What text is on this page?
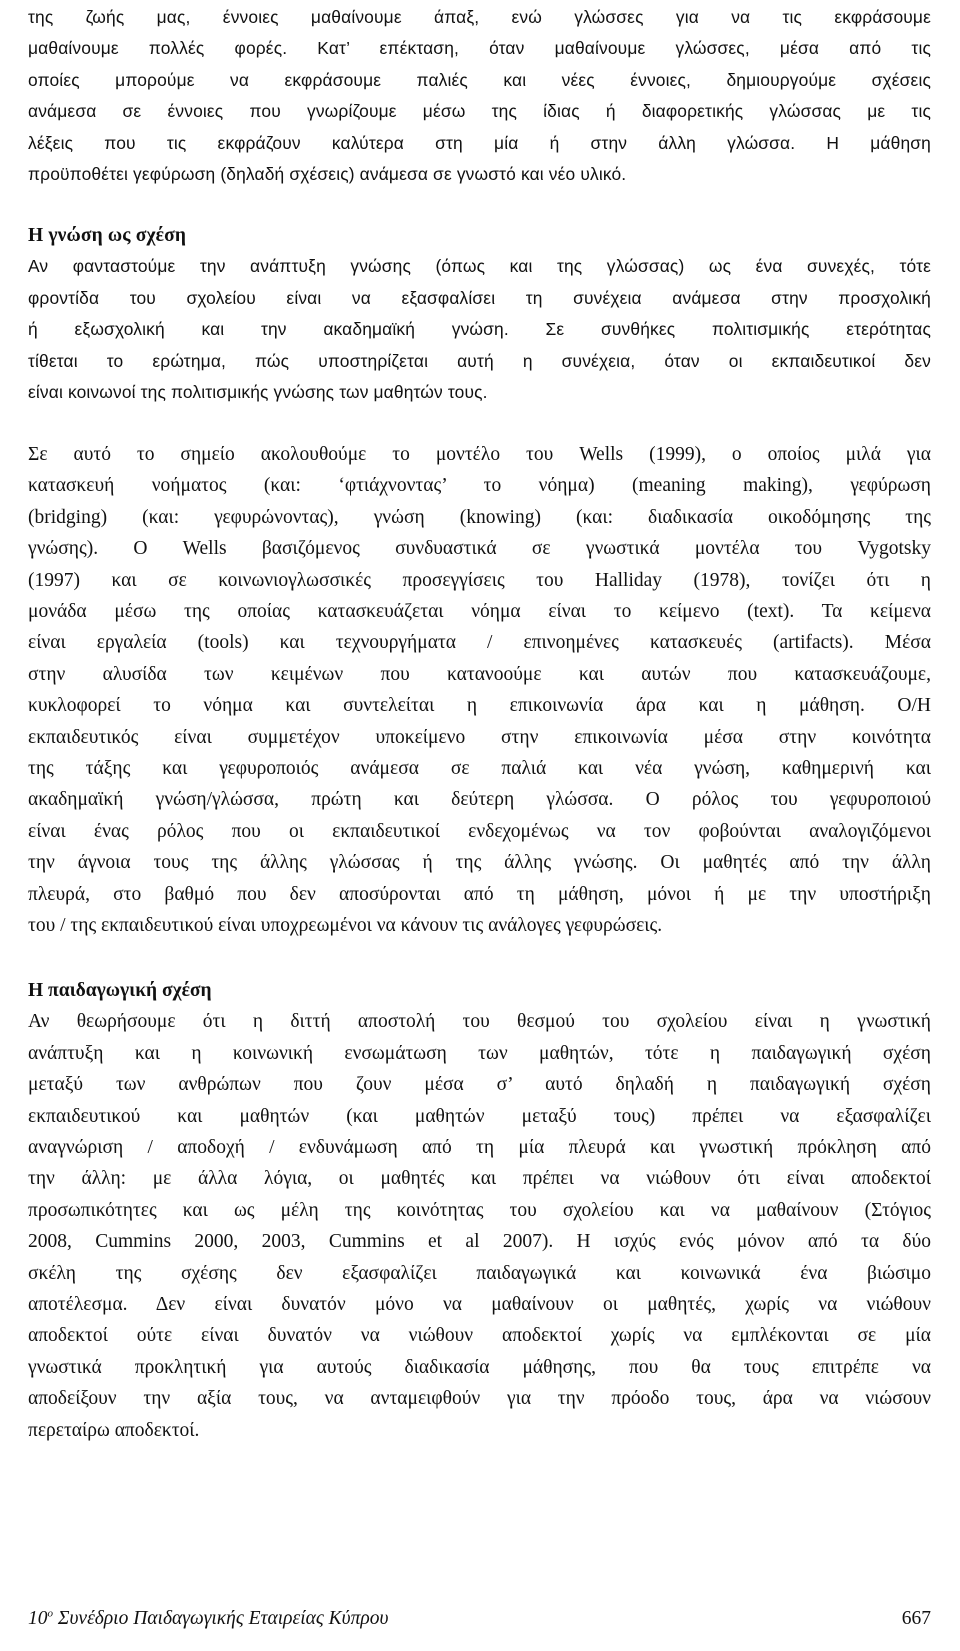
της ζωής μας, έννοιες μαθαίνουμε άπαξ, ενώ γλώσσες για να τις εκφράσουμε
μαθαίνουμε πολλές φορές. Κατ’ επέκταση, όταν μαθαίνουμε γλώσσες, μέσα από τις
οποίες μπορούμε να εκφράσουμε παλιές και νέες έννοιες, δημιουργούμε σχέσεις
ανάμεσα σε έννοιες που γνωρίζουμε μέσω της ίδιας ή διαφορετικής γλώσσας με τις
λέξεις που τις εκφράζουν καλύτερα στη μία ή στην άλλη γλώσσα. Η μάθηση
προϋποθέτει γεφύρωση (δηλαδή σχέσεις) ανάμεσα σε γνωστό και νέο υλικό.
Η γνώση ως σχέση
Αν φανταστούμε την ανάπτυξη γνώσης (όπως και της γλώσσας) ως ένα συνεχές, τότε
φροντίδα του σχολείου είναι να εξασφαλίσει τη συνέχεια ανάμεσα στην προσχολική
ή εξωσχολική και την ακαδημαϊκή γνώση. Σε συνθήκες πολιτισμικής ετερότητας
τίθεται το ερώτημα, πώς υποστηρίζεται αυτή η συνέχεια, όταν οι εκπαιδευτικοί δεν
είναι κοινωνοί της πολιτισμικής γνώσης των μαθητών τους.
Σε αυτό το σημείο ακολουθούμε το μοντέλο του Wells (1999), ο οποίος μιλά για
κατασκευή νοήματος (και: ‘φτιάχνοντας’ το νόημα) (meaning making), γεφύρωση
(bridging) (και: γεφυρώνοντας), γνώση (knowing) (και: διαδικασία οικοδόμησης της
γνώσης). Ο Wells βασιζόμενος συνδυαστικά σε γνωστικά μοντέλα του Vygotsky
(1997) και σε κοινωνιογλωσσικές προσεγγίσεις του Halliday (1978), τονίζει ότι η
μονάδα μέσω της οποίας κατασκευάζεται νόημα είναι το κείμενο (text). Τα κείμενα
είναι εργαλεία (tools) και τεχνουργήματα / επινοημένες κατασκευές (artifacts). Μέσα
στην αλυσίδα των κειμένων που κατανοούμε και αυτών που κατασκευάζουμε,
κυκλοφορεί το νόημα και συντελείται η επικοινωνία άρα και η μάθηση. Ο/Η
εκπαιδευτικός είναι συμμετέχον υποκείμενο στην επικοινωνία μέσα στην κοινότητα
της τάξης και γεφυροποιός ανάμεσα σε παλιά και νέα γνώση, καθημερινή και
ακαδημαϊκή γνώση/γλώσσα, πρώτη και δεύτερη γλώσσα. Ο ρόλος του γεφυροποιού
είναι ένας ρόλος που οι εκπαιδευτικοί ενδεχομένως να τον φοβούνται αναλογιζόμενοι
την άγνοια τους της άλλης γλώσσας ή της άλλης γνώσης. Οι μαθητές από την άλλη
πλευρά, στο βαθμό που δεν αποσύρονται από τη μάθηση, μόνοι ή με την υποστήριξη
του / της εκπαιδευτικού είναι υποχρεωμένοι να κάνουν τις ανάλογες γεφυρώσεις.
Η παιδαγωγική σχέση
Αν θεωρήσουμε ότι η διττή αποστολή του θεσμού του σχολείου είναι η γνωστική
ανάπτυξη και η κοινωνική ενσωμάτωση των μαθητών, τότε η παιδαγωγική σχέση
μεταξύ των ανθρώπων που ζουν μέσα σ’ αυτό δηλαδή η παιδαγωγική σχέση
εκπαιδευτικού και μαθητών (και μαθητών μεταξύ τους) πρέπει να εξασφαλίζει
αναγνώριση / αποδοχή / ενδυνάμωση από τη μία πλευρά και γνωστική πρόκληση από
την άλλη: με άλλα λόγια, οι μαθητές και πρέπει να νιώθουν ότι είναι αποδεκτοί
προσωπικότητες και ως μέλη της κοινότητας του σχολείου και να μαθαίνουν (Στόγιος
2008, Cummins 2000, 2003, Cummins et al 2007). Η ισχύς ενός μόνον από τα δύο
σκέλη της σχέσης δεν εξασφαλίζει παιδαγωγικά και κοινωνικά ένα βιώσιμο
αποτέλεσμα. Δεν είναι δυνατόν μόνο να μαθαίνουν οι μαθητές, χωρίς να νιώθουν
αποδεκτοί ούτε είναι δυνατόν να νιώθουν αποδεκτοί χωρίς να εμπλέκονται σε μία
γνωστικά προκλητική για αυτούς διαδικασία μάθησης, που θα τους επιτρέπε να
αποδείξουν την αξία τους, να ανταμειφθούν για την πρόοδο τους, άρα να νιώσουν
περεταίρω αποδεκτοί.
$10^o$ Συνέδριο Παιδαγωγικής Εταιρείας Κύπρου	667
